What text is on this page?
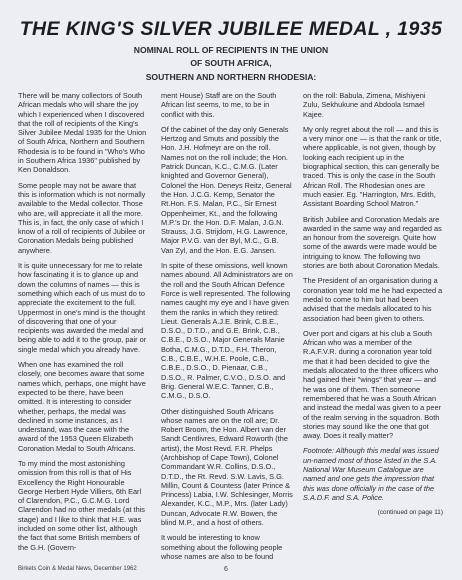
THE KING'S SILVER JUBILEE MEDAL , 1935
NOMINAL ROLL OF RECIPIENTS IN THE UNION
OF SOUTH AFRICA,
SOUTHERN AND NORTHERN RHODESIA:

There will be many collectors of South African medals who will share the joy which I experienced when I discovered that the roll of recipients of the King's Silver Jubilee Medal 1935 for the Union of South Africa, Northern and Southern Rhodesia is to be found in "Who's Who in Southern Africa 1936" published by Ken Donaldson.

Some people may not be aware that this is information which is not normally available to the Medal collector. Those who are, will appreciate it all the more. This is, in fact, the only case of which I know of a roll of recipients of Jubilee or Coronation Medals being published anywhere.

It is quite unnecessary for me to relate how fascinating it is to glance up and down the columns of names — this is something which each of us must do to appreciate the excitement to the full. Uppermost in one's mind is the thought of discovering that one of your recipients was awarded the medal and being able to add it to the group, pair or single medal which you already have.

When one has examined the roll closely, one becomes aware that some names which, perhaps, one might have expected to be there, have been omitted. It is interesting to consider whether, perhaps, the medal was declined in some instances, as I understand, was the case with the award of the 1953 Queen Elizabeth Coronation Medal to South Africans.

To my mind the most astonishing omission from this roll is that of His Excellency the Right Honourable George Herbert Hyde Villiers, 6th Earl of Clarendon, P.C., G.C.M.G. Lord Clarendon had no other medals (at this stage) and I like to think that H.E. was included on some other list, although the fact that some British members of the G.H. (Govern-

ment House) Staff are on the South African list seems, to me, to be in conflict with this.

Of the cabinet of the day only Generals Hertzog and Smuts and possibly the Hon. J.H. Hofmeyr are on the roll. Names not on the roll include; the Hon. Patrick Duncan, K.C., C.M.G. (Later knighted and Governor General), Colonel the Hon. Deneys Reitz, General the Hon. J.C.G. Kemp, Senator the Rt.Hon. F.S. Malan, P.C., Sir Ernest Oppenheimer, Kt., and the following M.P.'s Dr. the Hon. D.F. Malan, J.G.N. Strauss, J.G. Strijdom, H.G. Lawrence, Major P.V.G. van der Byl, M.C., G.B. Van Zyl, and the Hon. E.G. Jansen.

In spite of these omissions, well known names abound. All Administrators are on the roll and the South African Defence Force is well represented. The following names caught my eye and I have given them the ranks in which they retired: Lieut. Generals A.J.E. Brink, C.B.E., D.S.O., D.T.D., and G.E. Brink, C.B., C.B.E., D.S.O., Major Generals Manie Botha, C.M.G., D.T.D., F.H. Theron, C.B., C.B.E., W.H.E. Poole, C.B., C.B.E., D.S.O., D. Pienaar, C.B., D.S.O., R. Palmer, C.V.O., D.S.O. and Brig. General W.E.C. Tanner, C.B., C.M.G., D.S.O.

Other distinguished South Africans whose names are on the roll are; Dr. Robert Broom, the Hon. Albert van der Sandt Centlivres, Edward Roworth (the artist), the Most Revd. F.R. Phelps (Archbishop of Cape Town), Colonel Commandant W.R. Collins, D.S.O., D.T.D., the Rt. Revd. S.W. Lavis, S.G. Millin, Count & Countess (later Prince & Princess) Labia, I.W. Schlesinger, Morris Alexander, K.C., M.P., Mrs. (later Lady) Duncan, Advocate R.W. Bowen, the blind M.P., and a host of others.

It would be interesting to know something about the following people whose names are also to be found

on the roll: Babula, Zimena, Mishiyeni Zulu, Sekhukune and Abdoola Ismael Kajee.

My only regret about the roll — and this is a very minor one — is that the rank or title, where applicable, is not given, though by looking each recipient up in the biographical section, this can generally be traced. This is only the case in the South African Roll. The Rhodesian ones are much easier. Eg. "Harrington, Mrs. Edith, Assistant Boarding School Matron."

British Jubilee and Coronation Medals are awarded in the same way and regarded as an honour from the sovereign. Quite how some of the awards were made would be intriguing to know. The following two stories are both about Coronation Medals.

The President of an organisation during a coronation year told me he had expected a medal to come to him but had been advised that the medals allocated to his association had been given to others.

Over port and cigars at his club a South African who was a member of the R.A.F.V.R. during a coronation year told me that it had been decided to give the medals allocated to the three officers who had gained their "wings" that year — and he was one of them. Then someone remembered that he was a South African and instead the medal was given to a peer of the realm serving in the squadron. Both stories may sound like the one that got away. Does it really matter?

Footnote: Although this medal was issued un-named most of those listed in the S.A. National War Museum Catalogue are named and one gets the impression that this was done officially in the case of the S.A.D.F. and S.A. Police.

(continued on page 11)
Birkets Coin & Medal News, December 1962	6
